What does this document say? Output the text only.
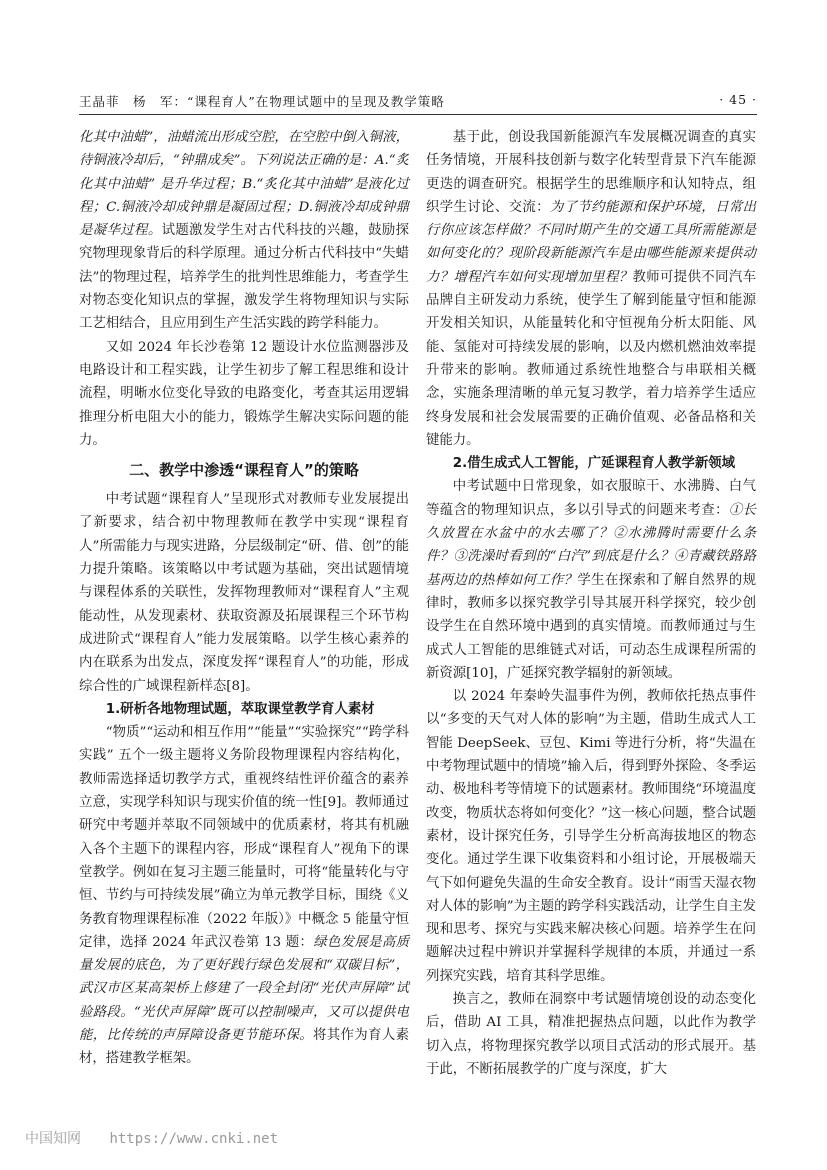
王晶菲　杨　军：“课程育人”在物理试题中的呈现及教学策略	· 45 ·

化其中油蜡”，油蜡流出形成空腔，在空腔中倒入铜液，待铜液冷却后，“钟鼎成矣”。下列说法正确的是：A.“炙化其中油蜡” 是升华过程；B.“炙化其中油蜡”是液化过程；C.铜液冷却成钟鼎是凝固过程；D.铜液冷却成钟鼎是凝华过程。试题激发学生对古代科技的兴趣，鼓励探究物理现象背后的科学原理。通过分析古代科技中“失蜡法”的物理过程，培养学生的批判性思维能力，考查学生对物态变化知识点的掌握，激发学生将物理知识与实际工艺相结合，且应用到生产生活实践的跨学科能力。

又如 2024 年长沙卷第 12 题设计水位监测器涉及电路设计和工程实践，让学生初步了解工程思维和设计流程，明晰水位变化导致的电路变化，考查其运用逻辑推理分析电阻大小的能力，锻炼学生解决实际问题的能力。

二、教学中渗透“课程育人”的策略

中考试题“课程育人”呈现形式对教师专业发展提出了新要求，结合初中物理教师在教学中实现“课程育人”所需能力与现实进路，分层级制定“研、借、创”的能力提升策略。该策略以中考试题为基础，突出试题情境与课程体系的关联性，发挥物理教师对“课程育人”主观能动性，从发现素材、获取资源及拓展课程三个环节构成进阶式“课程育人”能力发展策略。以学生核心素养的内在联系为出发点，深度发挥“课程育人”的功能，形成综合性的广域课程新样态[8]。

1.研析各地物理试题，萃取课堂教学育人素材

“物质”“运动和相互作用”“能量”“实验探究”“跨学科实践” 五个一级主题将义务阶段物理课程内容结构化，教师需选择适切教学方式，重视终结性评价蕴含的素养立意，实现学科知识与现实价值的统一性[9]。教师通过研究中考题并萃取不同领域中的优质素材，将其有机融入各个主题下的课程内容，形成“课程育人”视角下的课堂教学。例如在复习主题三能量时，可将“能量转化与守恒、节约与可持续发展”确立为单元教学目标，围绕《义务教育物理课程标准（2022 年版）》中概念 5 能量守恒定律，选择 2024 年武汉卷第 13 题：绿色发展是高质量发展的底色，为了更好践行绿色发展和“双碳目标”，武汉市区某高架桥上修建了一段全封闭“光伏声屏障”试验路段。“光伏声屏障”既可以控制噪声，又可以提供电能，比传统的声屏障设备更节能环保。将其作为育人素材，搭建教学框架。

基于此，创设我国新能源汽车发展概况调查的真实任务情境，开展科技创新与数字化转型背景下汽车能源更迭的调查研究。根据学生的思维顺序和认知特点，组织学生讨论、交流：为了节约能源和保护环境，日常出行你应该怎样做？不同时期产生的交通工具所需能源是如何变化的？现阶段新能源汽车是由哪些能源来提供动力？增程汽车如何实现增加里程？教师可提供不同汽车品牌自主研发动力系统，使学生了解到能量守恒和能源开发相关知识，从能量转化和守恒视角分析太阳能、风能、氢能对可持续发展的影响，以及内燃机燃油效率提升带来的影响。教师通过系统性地整合与串联相关概念，实施条理清晰的单元复习教学，着力培养学生适应终身发展和社会发展需要的正确价值观、必备品格和关键能力。

2.借生成式人工智能，广延课程育人教学新领域

中考试题中日常现象，如衣服晾干、水沸腾、白气等蕴含的物理知识点，多以引导式的问题来考查：①长久放置在水盆中的水去哪了？②水沸腾时需要什么条件？③洗澡时看到的“白汽”到底是什么？④青藏铁路路基两边的热棒如何工作？学生在探索和了解自然界的规律时，教师多以探究教学引导其展开科学探究，较少创设学生在自然环境中遇到的真实情境。而教师通过与生成式人工智能的思维链式对话，可动态生成课程所需的新资源[10]，广延探究教学辐射的新领域。

以 2024 年秦岭失温事件为例，教师依托热点事件以“多变的天气对人体的影响”为主题，借助生成式人工智能 DeepSeek、豆包、Kimi 等进行分析，将“失温在中考物理试题中的情境”输入后，得到野外探险、冬季运动、极地科考等情境下的试题素材。教师围绕“环境温度改变，物质状态将如何变化？”这一核心问题，整合试题素材，设计探究任务，引导学生分析高海拔地区的物态变化。通过学生课下收集资料和小组讨论，开展极端天气下如何避免失温的生命安全教育。设计“雨雪天湿衣物对人体的影响”为主题的跨学科实践活动，让学生自主发现和思考、探究与实践来解决核心问题。培养学生在问题解决过程中辨识并掌握科学规律的本质，并通过一系列探究实践，培育其科学思维。

换言之，教师在洞察中考试题情境创设的动态变化后，借助 AI 工具，精准把握热点问题，以此作为教学切入点，将物理探究教学以项目式活动的形式展开。基于此，不断拓展教学的广度与深度，扩大

中国知网 https://www.cnki.net
